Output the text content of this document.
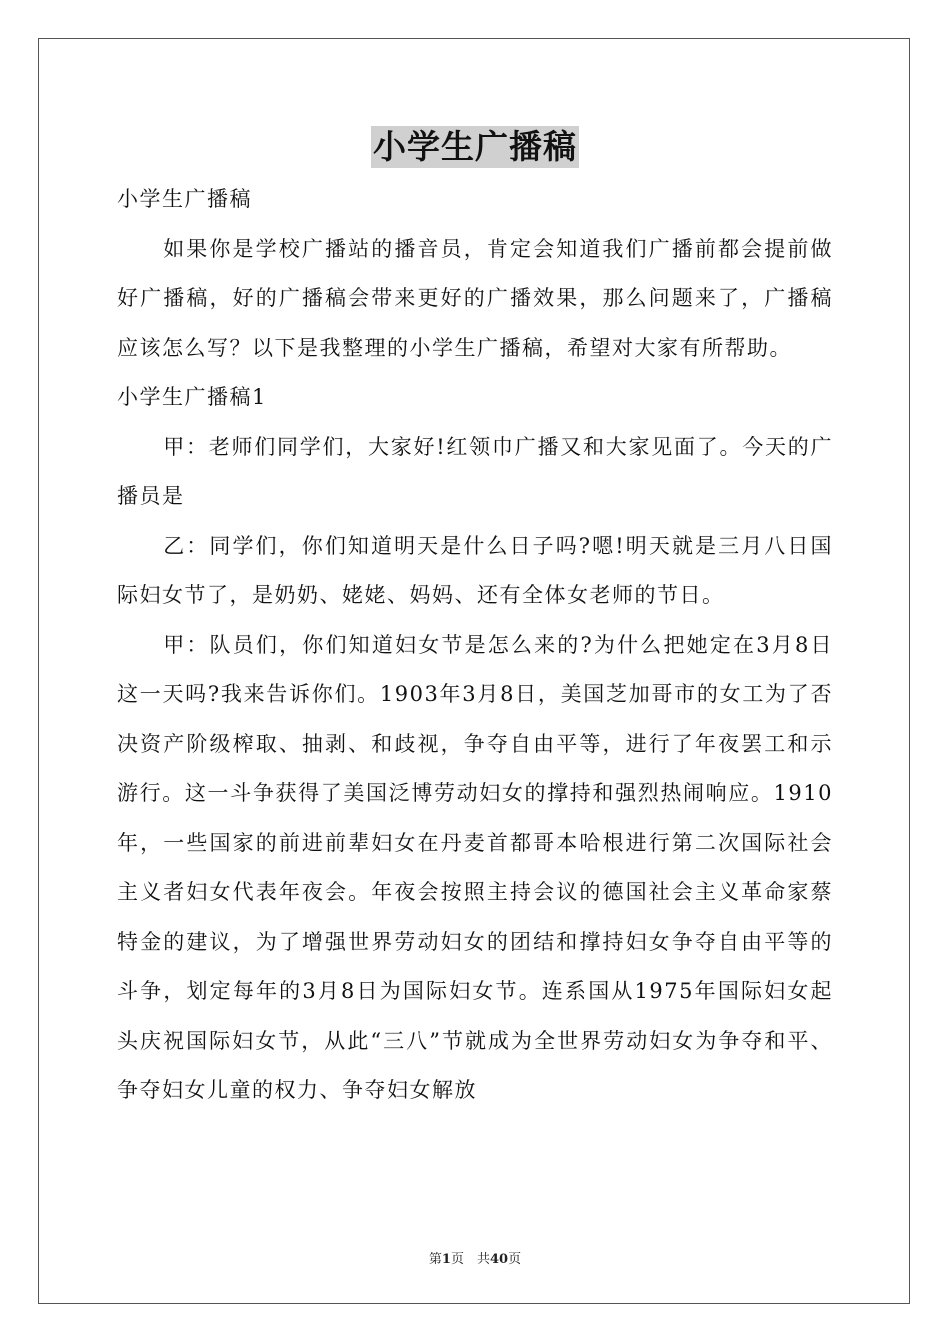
小学生广播稿

小学生广播稿

如果你是学校广播站的播音员，肯定会知道我们广播前都会提前做好广播稿，好的广播稿会带来更好的广播效果，那么问题来了，广播稿应该怎么写？以下是我整理的小学生广播稿，希望对大家有所帮助。

小学生广播稿1

甲：老师们同学们，大家好!红领巾广播又和大家见面了。今天的广播员是

乙：同学们，你们知道明天是什么日子吗?嗯!明天就是三月八日国际妇女节了，是奶奶、姥姥、妈妈、还有全体女老师的节日。

甲：队员们，你们知道妇女节是怎么来的?为什么把她定在3月8日这一天吗?我来告诉你们。1903年3月8日，美国芝加哥市的女工为了否决资产阶级榨取、抽剥、和歧视，争夺自由平等，进行了年夜罢工和示游行。这一斗争获得了美国泛博劳动妇女的撑持和强烈热闹响应。1910年，一些国家的前进前辈妇女在丹麦首都哥本哈根进行第二次国际社会主义者妇女代表年夜会。年夜会按照主持会议的德国社会主义革命家蔡特金的建议，为了增强世界劳动妇女的团结和撑持妇女争夺自由平等的斗争，划定每年的3月8日为国际妇女节。连系国从1975年国际妇女起头庆祝国际妇女节，从此“三八”节就成为全世界劳动妇女为争夺和平、争夺妇女儿童的权力、争夺妇女解放

第1页　共40页
